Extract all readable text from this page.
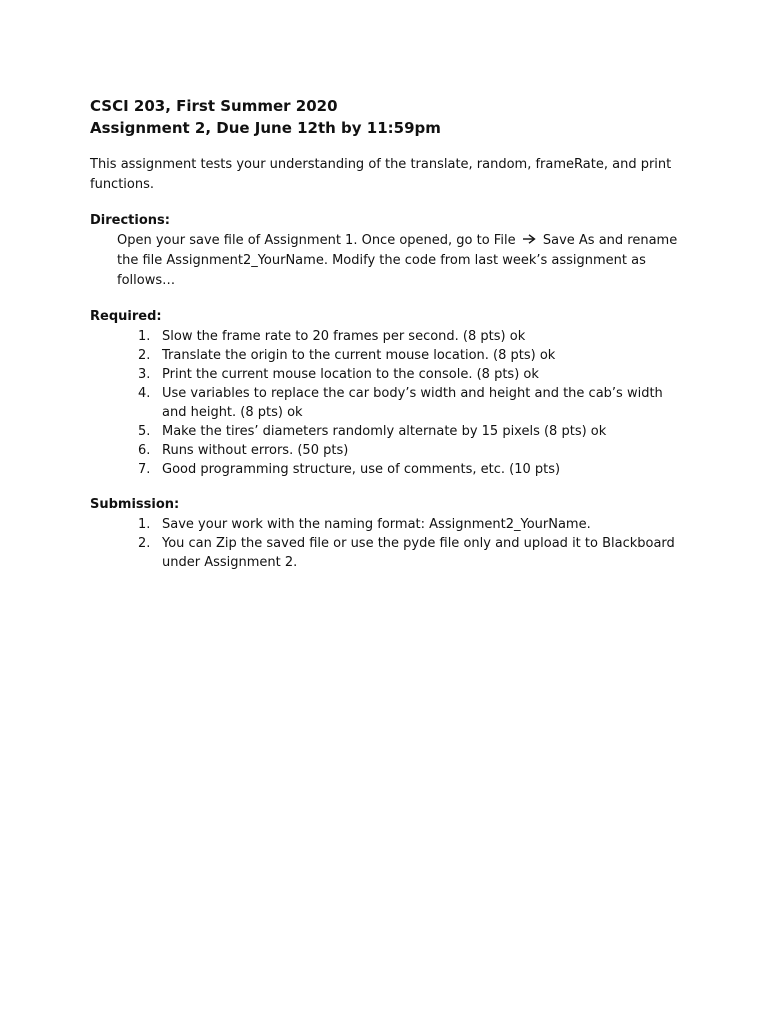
CSCI 203, First Summer 2020
Assignment 2, Due June 12th by 11:59pm
This assignment tests your understanding of the translate, random, frameRate, and print functions.
Directions:
Open your save file of Assignment 1. Once opened, go to File Save As and rename the file Assignment2_YourName. Modify the code from last week’s assignment as follows…
Required:
1. Slow the frame rate to 20 frames per second. (8 pts) ok
2. Translate the origin to the current mouse location. (8 pts) ok
3. Print the current mouse location to the console. (8 pts) ok
4. Use variables to replace the car body’s width and height and the cab’s width and height. (8 pts) ok
5. Make the tires’ diameters randomly alternate by 15 pixels (8 pts) ok
6. Runs without errors. (50 pts)
7. Good programming structure, use of comments, etc. (10 pts)
Submission:
1. Save your work with the naming format: Assignment2_YourName.
2. You can Zip the saved file or use the pyde file only and upload it to Blackboard under Assignment 2.
